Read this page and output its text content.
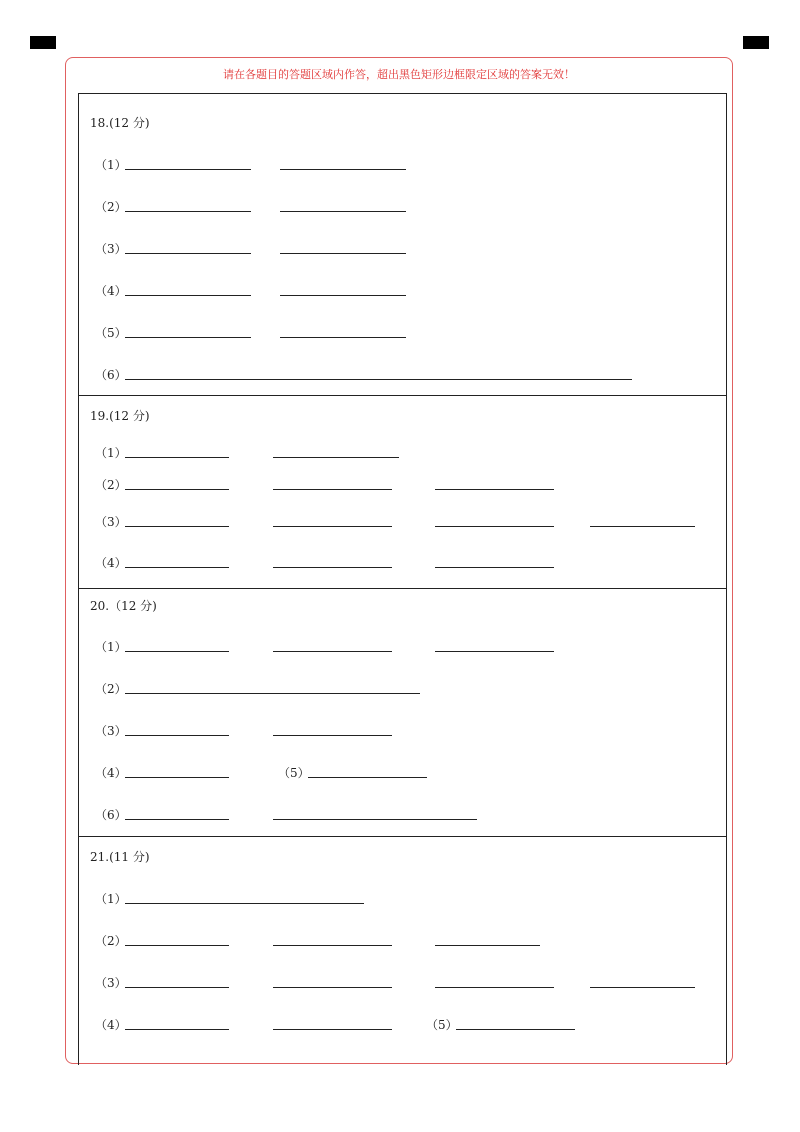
请在各题目的答题区域内作答，超出黑色矩形边框限定区域的答案无效！
18.(12 分)
（1）
（2）
（3）
（4）
（5）
（6）
19.(12 分)
（1）
（2）
（3）
（4）
20.（12 分)
（1）
（2）
（3）
（4）	（5）
（6）
21.(11 分)
（1）
（2）
（3）
（4）	（5）
